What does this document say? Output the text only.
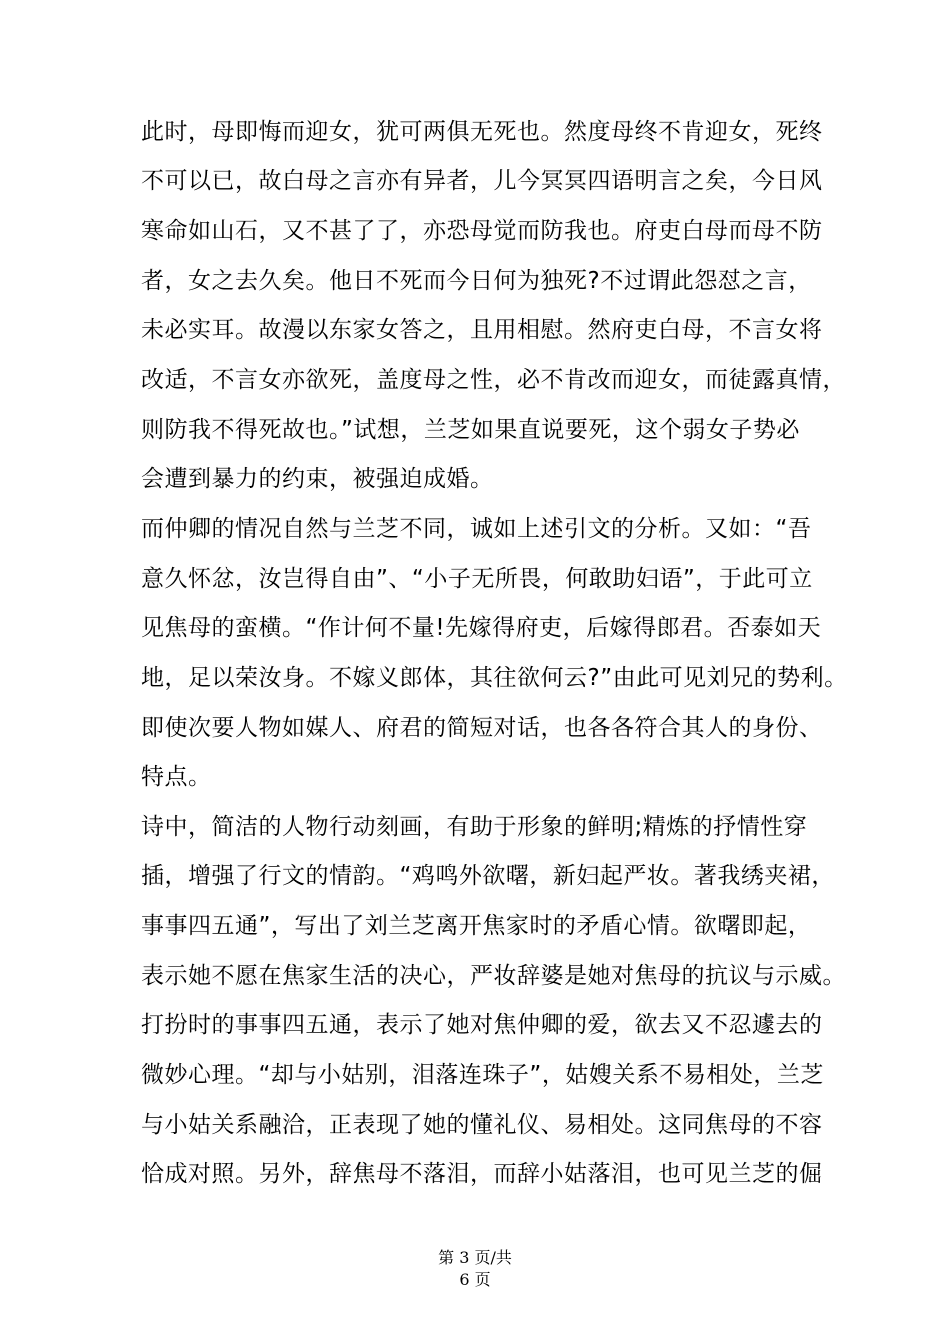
此时，母即悔而迎女，犹可两俱无死也。然度母终不肯迎女，死终
不可以已，故白母之言亦有异者，儿今冥冥四语明言之矣，今日风
寒命如山石，又不甚了了，亦恐母觉而防我也。府吏白母而母不防
者，女之去久矣。他日不死而今日何为独死?不过谓此怨怼之言，
未必实耳。故漫以东家女答之，且用相慰。然府吏白母，不言女将
改适，不言女亦欲死，盖度母之性，必不肯改而迎女，而徒露真情，
则防我不得死故也。”试想，兰芝如果直说要死，这个弱女子势必
会遭到暴力的约束，被强迫成婚。
而仲卿的情况自然与兰芝不同，诚如上述引文的分析。又如：“吾
意久怀忿，汝岂得自由”、“小子无所畏，何敢助妇语”，于此可立
见焦母的蛮横。“作计何不量!先嫁得府吏，后嫁得郎君。否泰如天
地，足以荣汝身。不嫁义郎体，其往欲何云?”由此可见刘兄的势利。
即使次要人物如媒人、府君的简短对话，也各各符合其人的身份、
特点。
诗中，简洁的人物行动刻画，有助于形象的鲜明;精炼的抒情性穿
插，增强了行文的情韵。“鸡鸣外欲曙，新妇起严妆。著我绣夹裙，
事事四五通”，写出了刘兰芝离开焦家时的矛盾心情。欲曙即起，
表示她不愿在焦家生活的决心，严妆辞婆是她对焦母的抗议与示威。
打扮时的事事四五通，表示了她对焦仲卿的爱，欲去又不忍遽去的
微妙心理。“却与小姑别，泪落连珠子”，姑嫂关系不易相处，兰芝
与小姑关系融洽，正表现了她的懂礼仪、易相处。这同焦母的不容
恰成对照。另外，辞焦母不落泪，而辞小姑落泪，也可见兰芝的倔
第 3 页/共
6 页
